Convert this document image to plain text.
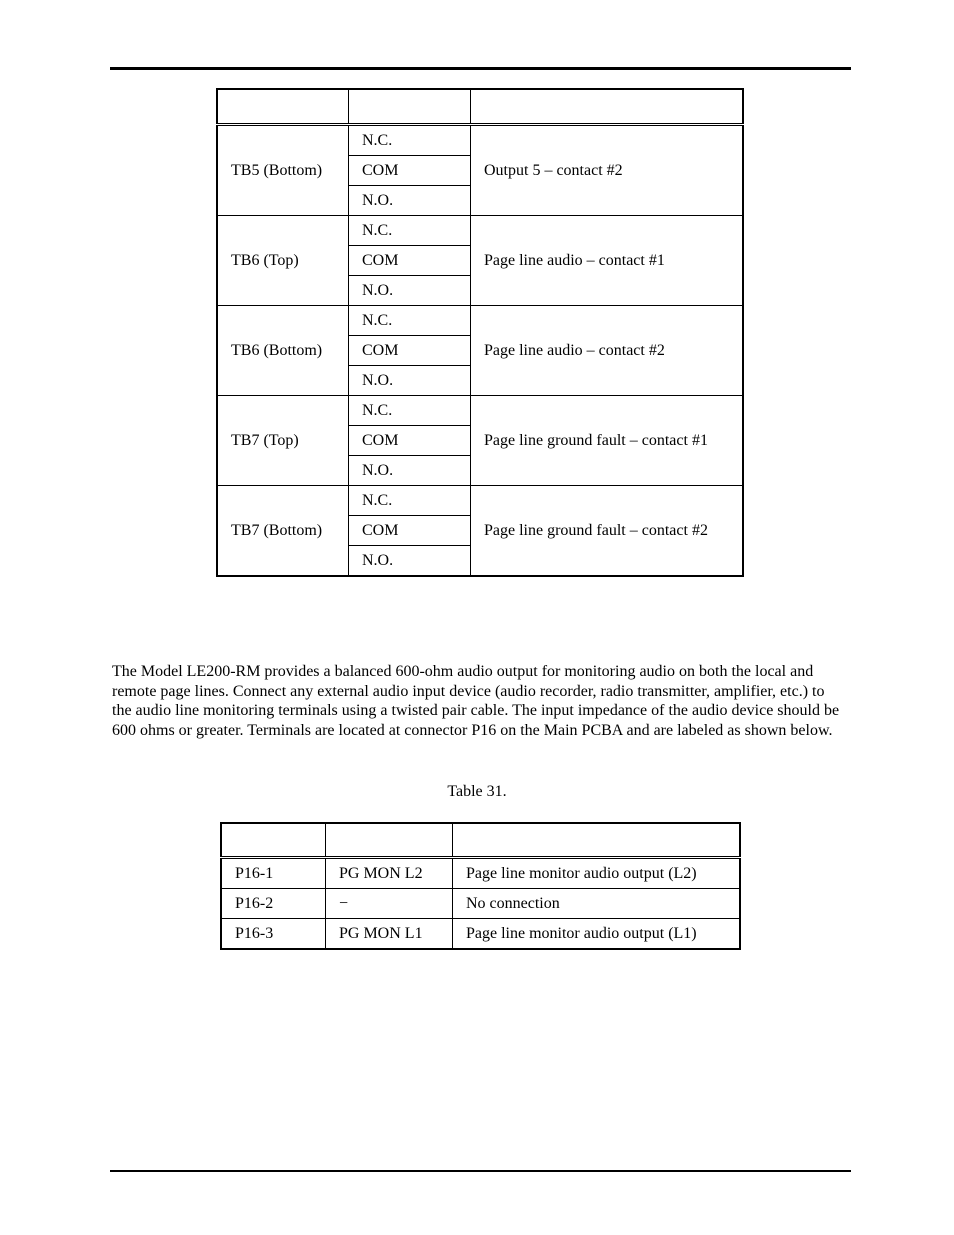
TB5 (Bottom)	N.C.	Output 5 – contact #2
	COM	
	N.O.	
TB6 (Top)	N.C.	Page line audio – contact #1
	COM	
	N.O.	
TB6 (Bottom)	N.C.	Page line audio – contact #2
	COM	
	N.O.	
TB7 (Top)	N.C.	Page line ground fault – contact #1
	COM	
	N.O.	
TB7 (Bottom)	N.C.	Page line ground fault – contact #2
	COM	
	N.O.	
The Model LE200-RM provides a balanced 600-ohm audio output for monitoring audio on both the local and remote page lines. Connect any external audio input device (audio recorder, radio transmitter, amplifier, etc.) to the audio line monitoring terminals using a twisted pair cable. The input impedance of the audio device should be 600 ohms or greater. Terminals are located at connector P16 on the Main PCBA and are labeled as shown below.
Table 31.

P16-1	PG MON L2	Page line monitor audio output (L2)
P16-2	−	No connection
P16-3	PG MON L1	Page line monitor audio output (L1)
